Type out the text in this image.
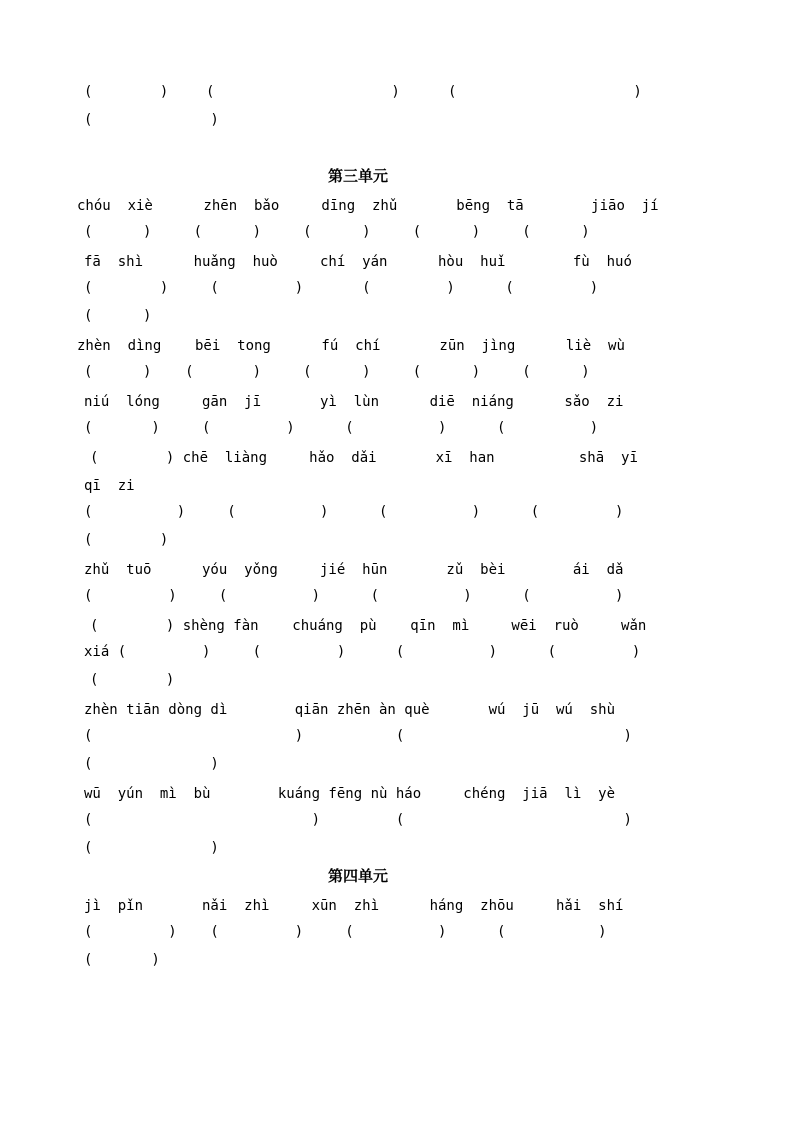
(        )	(                     )	(                     )
(              )
第三单元
chóu  xiè      zhēn  bǎo     dīng  zhǔ       bēng  tā        jiāo  jí
(      )     (      )     (      )     (      )     (      )
fā  shì      huǎng  huò     chí  yán      hòu  huǐ        fù  huó
(        )     (         )       (         )      (         )
(      )
zhèn  dìng    bēi  tong      fú  chí       zūn  jìng      liè  wù
(      )    (       )     (      )     (      )     (      )
niú  lóng     gān  jī       yì  lùn      diē  niáng      sǎo  zi
(       )     (         )      (          )      (          )
(        ) chē  liàng     hǎo  dǎi       xī  han          shā  yī
qī  zi
(          )     (          )      (          )      (         )
(        )
zhǔ  tuō      yóu  yǒng     jié  hūn       zǔ  bèi        ái  dǎ
(         )     (          )      (          )      (          )
(        ) shèng fàn    chuáng  pù    qīn  mì     wēi  ruò     wǎn
xiá (         )     (         )      (          )      (         )
(        )
zhèn tiān dòng dì        qiān zhēn àn què       wú  jū  wú  shù
(                        )           (                          )
(              )
wū  yún  mì  bù        kuáng fēng nù háo     chéng  jiā  lì  yè
(                          )         (                          )
(              )
第四单元
jì  pǐn       nǎi  zhì     xūn  zhì      háng  zhōu     hǎi  shí
(         )    (         )     (          )      (           )
(       )
